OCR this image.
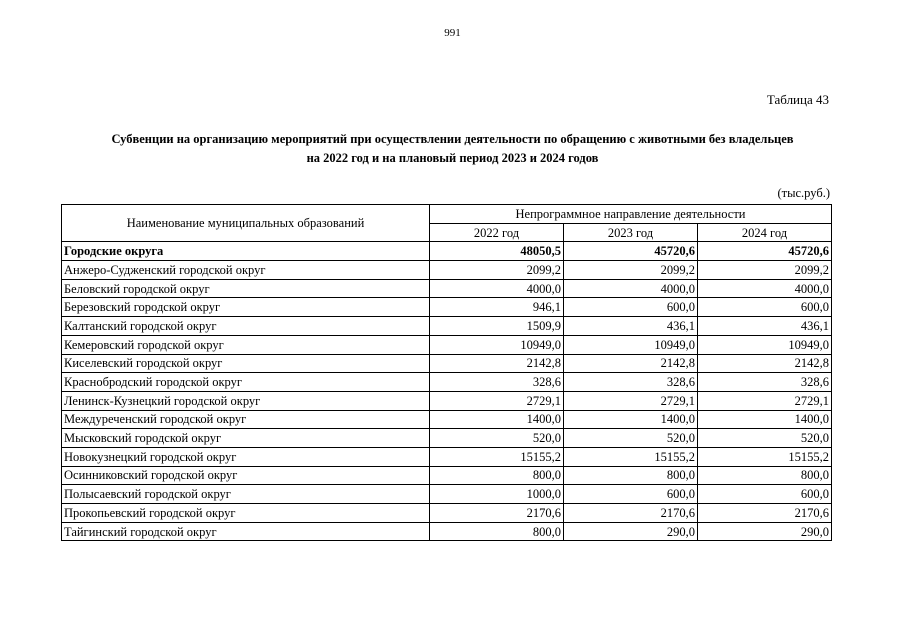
991
Таблица 43
Субвенции на организацию мероприятий при осуществлении деятельности по обращению с животными без владельцев
на 2022 год и на плановый период 2023 и 2024 годов
(тыс.руб.)
Наименование муниципальных образований	Непрограммное направление деятельности		
	2022 год	2023 год	2024 год
Городские округа	48050,5	45720,6	45720,6
Анжеро-Судженский городской округ	2099,2	2099,2	2099,2
Беловский городской округ	4000,0	4000,0	4000,0
Березовский городской округ	946,1	600,0	600,0
Калтанский городской округ	1509,9	436,1	436,1
Кемеровский городской округ	10949,0	10949,0	10949,0
Киселевский городской округ	2142,8	2142,8	2142,8
Краснобродский городской округ	328,6	328,6	328,6
Ленинск-Кузнецкий городской округ	2729,1	2729,1	2729,1
Междуреченский городской округ	1400,0	1400,0	1400,0
Мысковский городской округ	520,0	520,0	520,0
Новокузнецкий городской округ	15155,2	15155,2	15155,2
Осинниковский городской округ	800,0	800,0	800,0
Полысаевский городской округ	1000,0	600,0	600,0
Прокопьевский городской округ	2170,6	2170,6	2170,6
Тайгинский городской округ	800,0	290,0	290,0
